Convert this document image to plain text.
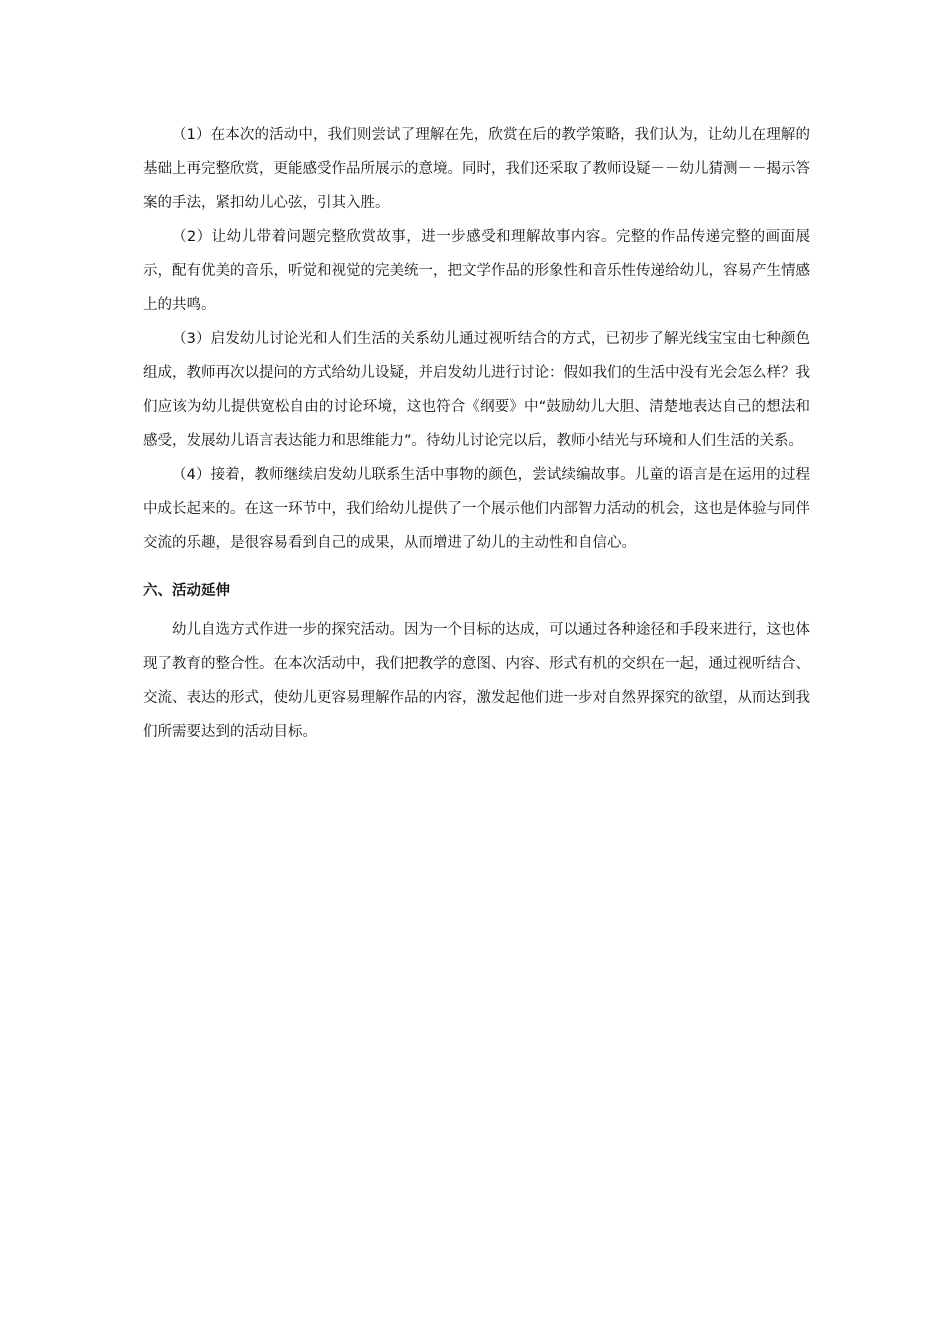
（1）在本次的活动中，我们则尝试了理解在先，欣赏在后的教学策略，我们认为，让幼儿在理解的基础上再完整欣赏，更能感受作品所展示的意境。同时，我们还采取了教师设疑－－幼儿猜测－－揭示答案的手法，紧扣幼儿心弦，引其入胜。

（2）让幼儿带着问题完整欣赏故事，进一步感受和理解故事内容。完整的作品传递完整的画面展示，配有优美的音乐，听觉和视觉的完美统一，把文学作品的形象性和音乐性传递给幼儿，容易产生情感上的共鸣。

（3）启发幼儿讨论光和人们生活的关系幼儿通过视听结合的方式，已初步了解光线宝宝由七种颜色组成，教师再次以提问的方式给幼儿设疑，并启发幼儿进行讨论：假如我们的生活中没有光会怎么样？我们应该为幼儿提供宽松自由的讨论环境，这也符合《纲要》中“鼓励幼儿大胆、清楚地表达自己的想法和感受，发展幼儿语言表达能力和思维能力”。待幼儿讨论完以后，教师小结光与环境和人们生活的关系。

（4）接着，教师继续启发幼儿联系生活中事物的颜色，尝试续编故事。儿童的语言是在运用的过程中成长起来的。在这一环节中，我们给幼儿提供了一个展示他们内部智力活动的机会，这也是体验与同伴交流的乐趣，是很容易看到自己的成果，从而增进了幼儿的主动性和自信心。

六、活动延伸

幼儿自选方式作进一步的探究活动。因为一个目标的达成，可以通过各种途径和手段来进行，这也体现了教育的整合性。在本次活动中，我们把教学的意图、内容、形式有机的交织在一起，通过视听结合、交流、表达的形式，使幼儿更容易理解作品的内容，激发起他们进一步对自然界探究的欲望，从而达到我们所需要达到的活动目标。
